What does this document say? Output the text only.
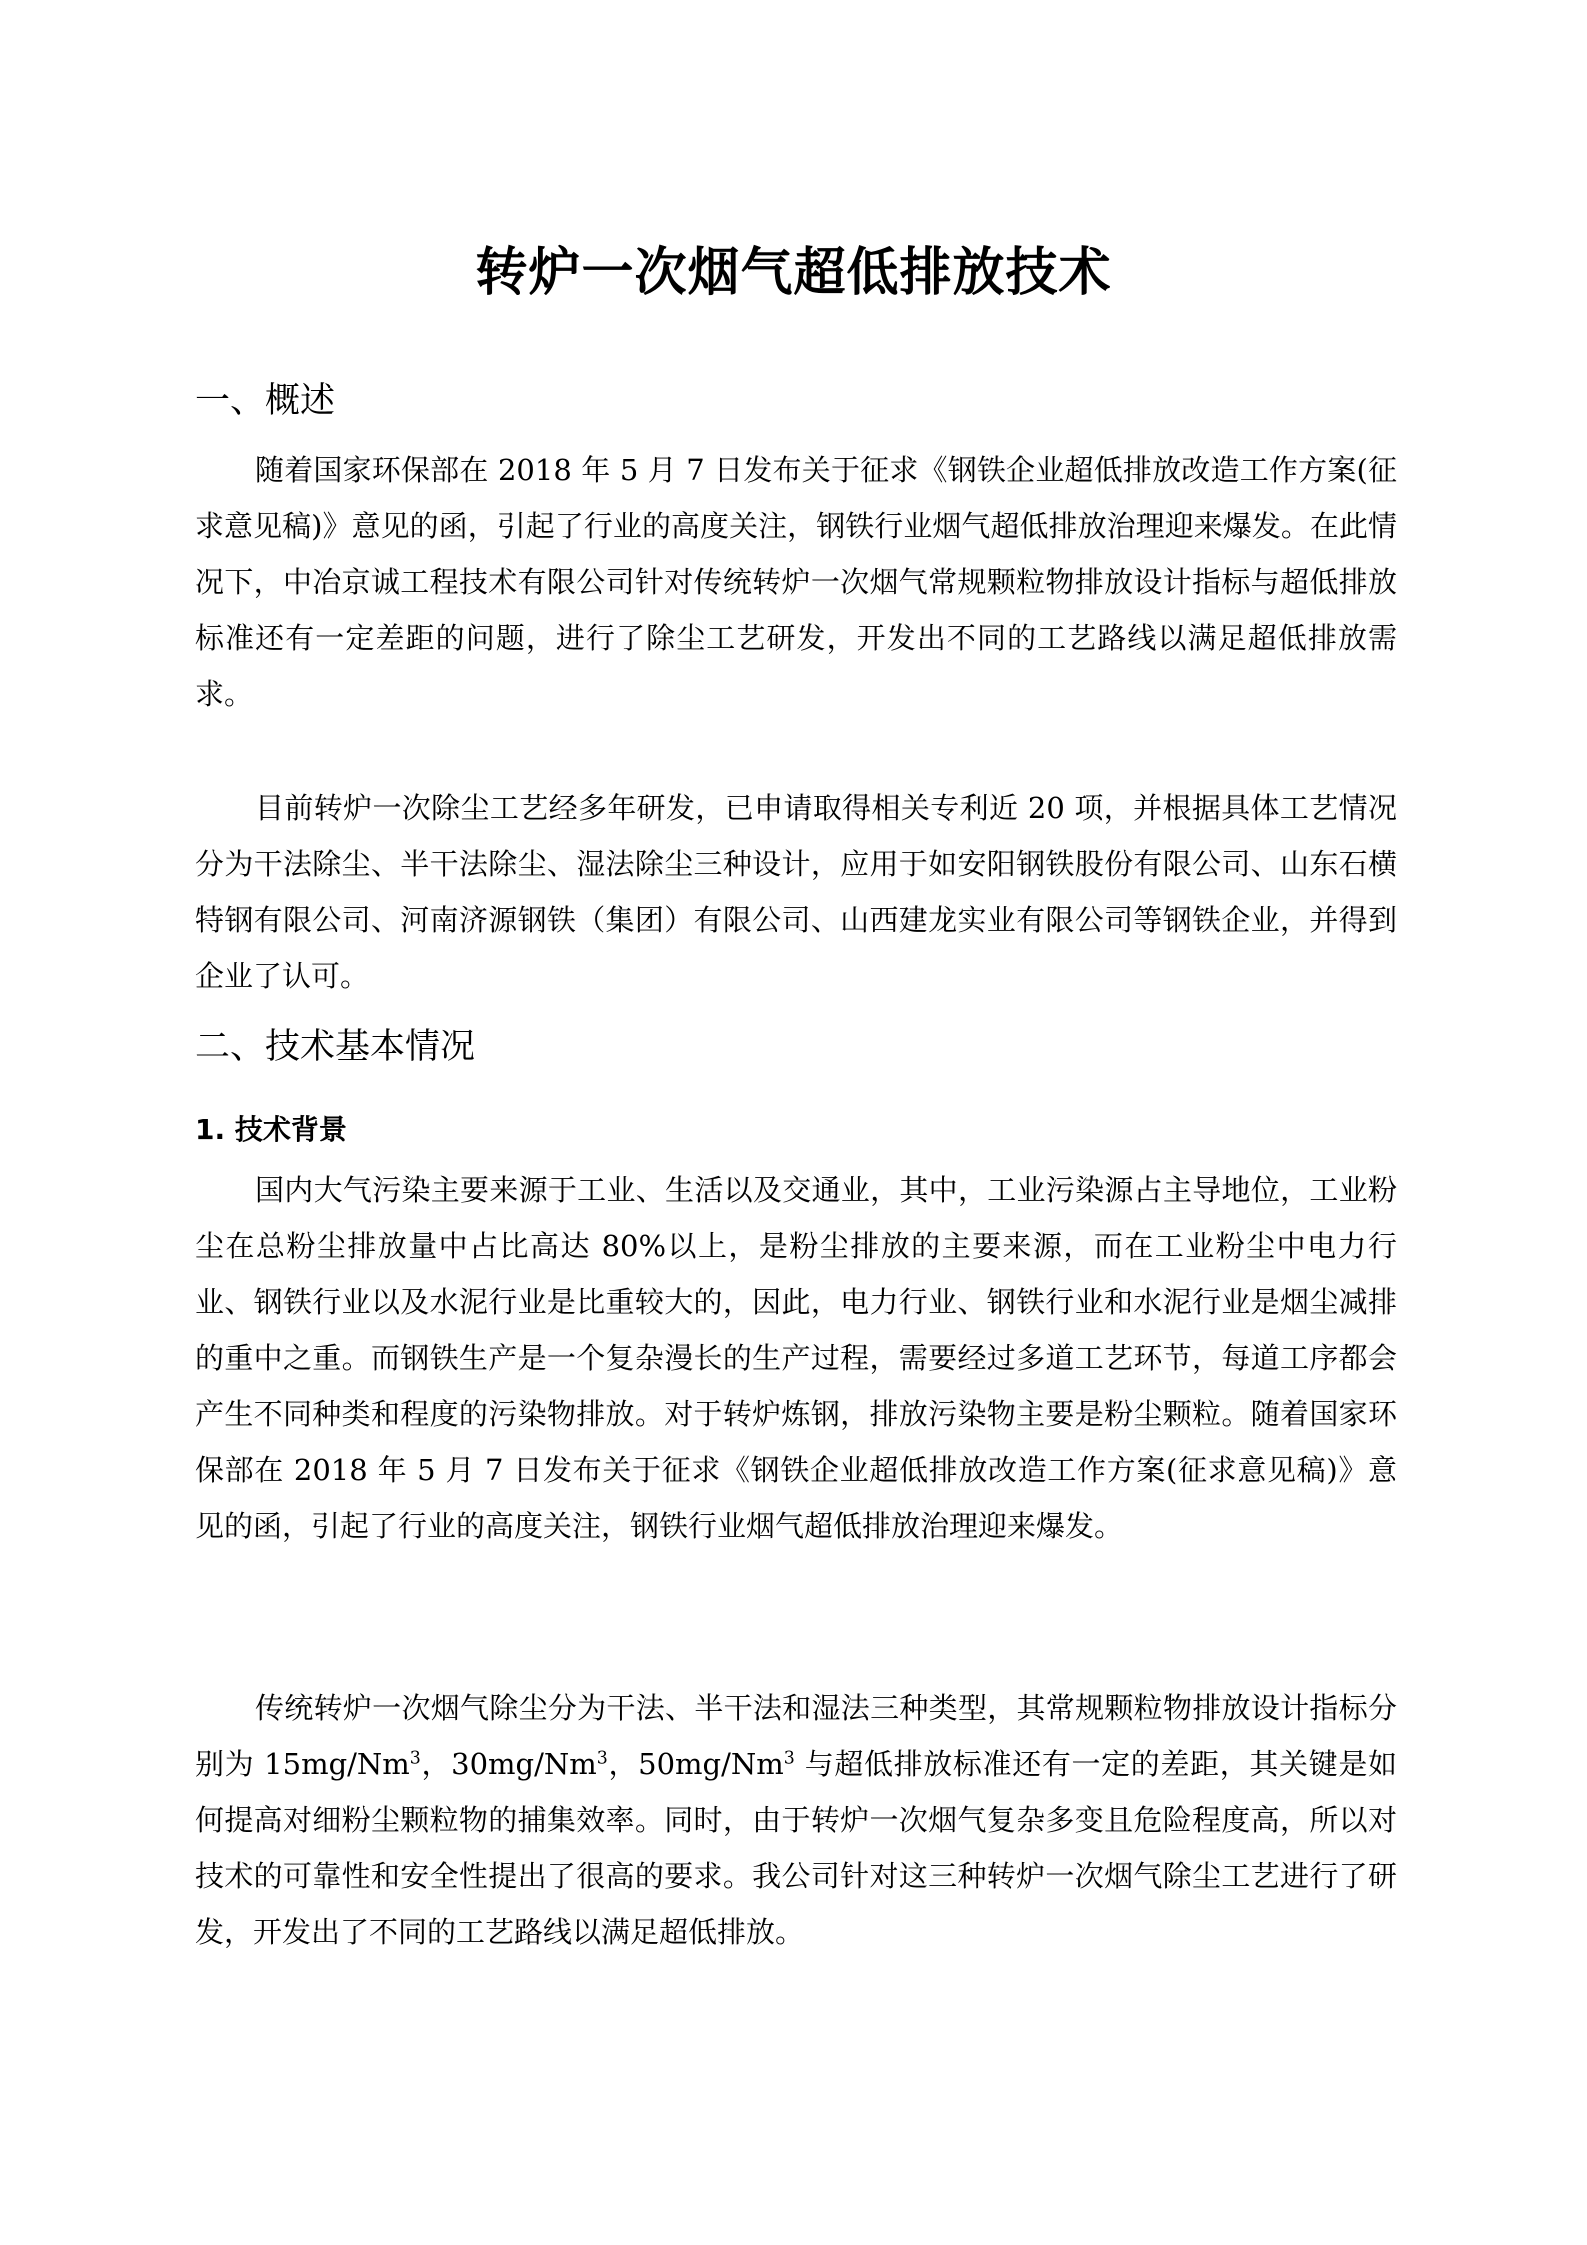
转炉一次烟气超低排放技术
一、概述

随着国家环保部在 2018 年 5 月 7 日发布关于征求《钢铁企业超低排放改造工作方案(征求意见稿)》意见的函，引起了行业的高度关注，钢铁行业烟气超低排放治理迎来爆发。在此情况下，中冶京诚工程技术有限公司针对传统转炉一次烟气常规颗粒物排放设计指标与超低排放标准还有一定差距的问题，进行了除尘工艺研发，开发出不同的工艺路线以满足超低排放需求。

目前转炉一次除尘工艺经多年研发，已申请取得相关专利近 20 项，并根据具体工艺情况分为干法除尘、半干法除尘、湿法除尘三种设计，应用于如安阳钢铁股份有限公司、山东石横特钢有限公司、河南济源钢铁（集团）有限公司、山西建龙实业有限公司等钢铁企业，并得到企业了认可。

二、技术基本情况
1. 技术背景

国内大气污染主要来源于工业、生活以及交通业，其中，工业污染源占主导地位，工业粉尘在总粉尘排放量中占比高达 80%以上，是粉尘排放的主要来源，而在工业粉尘中电力行业、钢铁行业以及水泥行业是比重较大的，因此，电力行业、钢铁行业和水泥行业是烟尘减排的重中之重。而钢铁生产是一个复杂漫长的生产过程，需要经过多道工艺环节，每道工序都会产生不同种类和程度的污染物排放。对于转炉炼钢，排放污染物主要是粉尘颗粒。随着国家环保部在 2018 年 5 月 7 日发布关于征求《钢铁企业超低排放改造工作方案(征求意见稿)》意见的函，引起了行业的高度关注，钢铁行业烟气超低排放治理迎来爆发。

传统转炉一次烟气除尘分为干法、半干法和湿法三种类型，其常规颗粒物排放设计指标分别为 15mg/Nm$^3$，30mg/Nm$^3$，50mg/Nm$^3$ 与超低排放标准还有一定的差距，其关键是如何提高对细粉尘颗粒物的捕集效率。同时，由于转炉一次烟气复杂多变且危险程度高，所以对技术的可靠性和安全性提出了很高的要求。我公司针对这三种转炉一次烟气除尘工艺进行了研发，开发出了不同的工艺路线以满足超低排放。
